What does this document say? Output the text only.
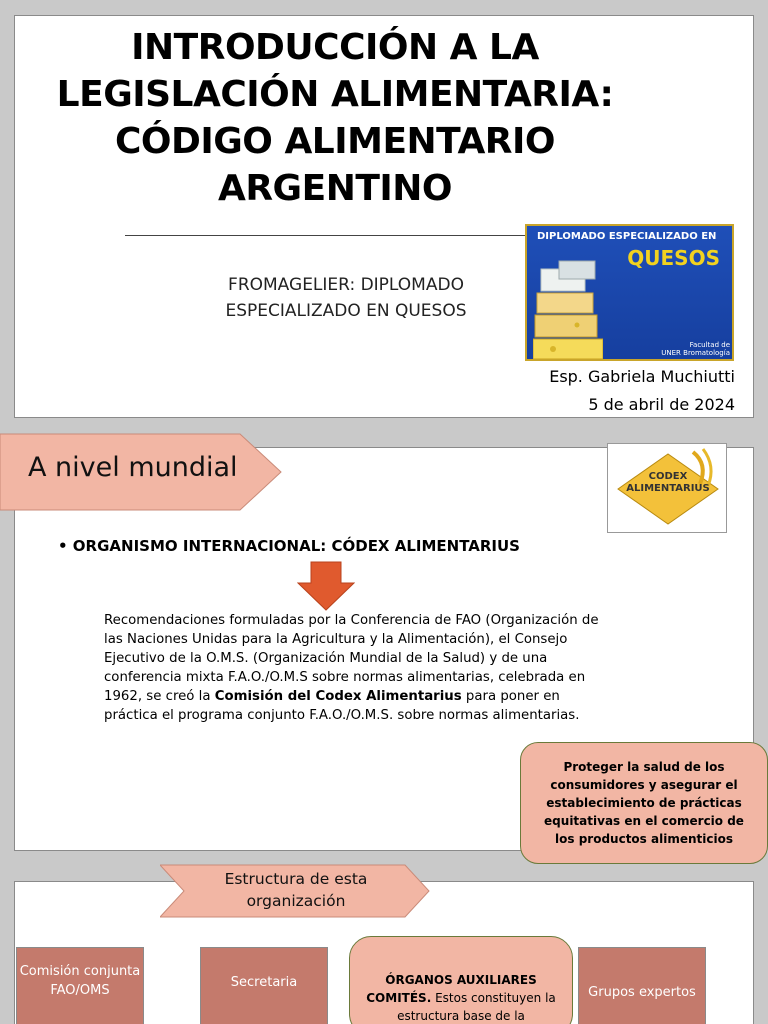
INTRODUCCIÓN A LA LEGISLACIÓN ALIMENTARIA: CÓDIGO ALIMENTARIO ARGENTINO
FROMAGELIER: DIPLOMADO ESPECIALIZADO EN QUESOS
DIPLOMADO ESPECIALIZADO EN
QUESOS
Facultad de
UNER Bromatología
Esp. Gabriela Muchiutti
5 de abril de 2024
A nivel mundial	CODEX
ALIMENTARIUS
• ORGANISMO INTERNACIONAL: CÓDEX ALIMENTARIUS
Recomendaciones formuladas por la Conferencia de FAO (Organización de las Naciones Unidas para la Agricultura y la Alimentación), el Consejo Ejecutivo de la O.M.S. (Organización Mundial de la Salud) y de una conferencia mixta F.A.O./O.M.S sobre normas alimentarias, celebrada en 1962, se creó la Comisión del Codex Alimentarius para poner en práctica el programa conjunto F.A.O./O.M.S. sobre normas alimentarias.
Proteger la salud de los consumidores y asegurar el establecimiento de prácticas equitativas en el comercio de los productos alimenticios
Estructura de esta organización
Comisión conjunta FAO/OMS
Secretaria	ÓRGANOS AUXILIARES COMITÉS. Estos constituyen la estructura base de la
Grupos expertos
